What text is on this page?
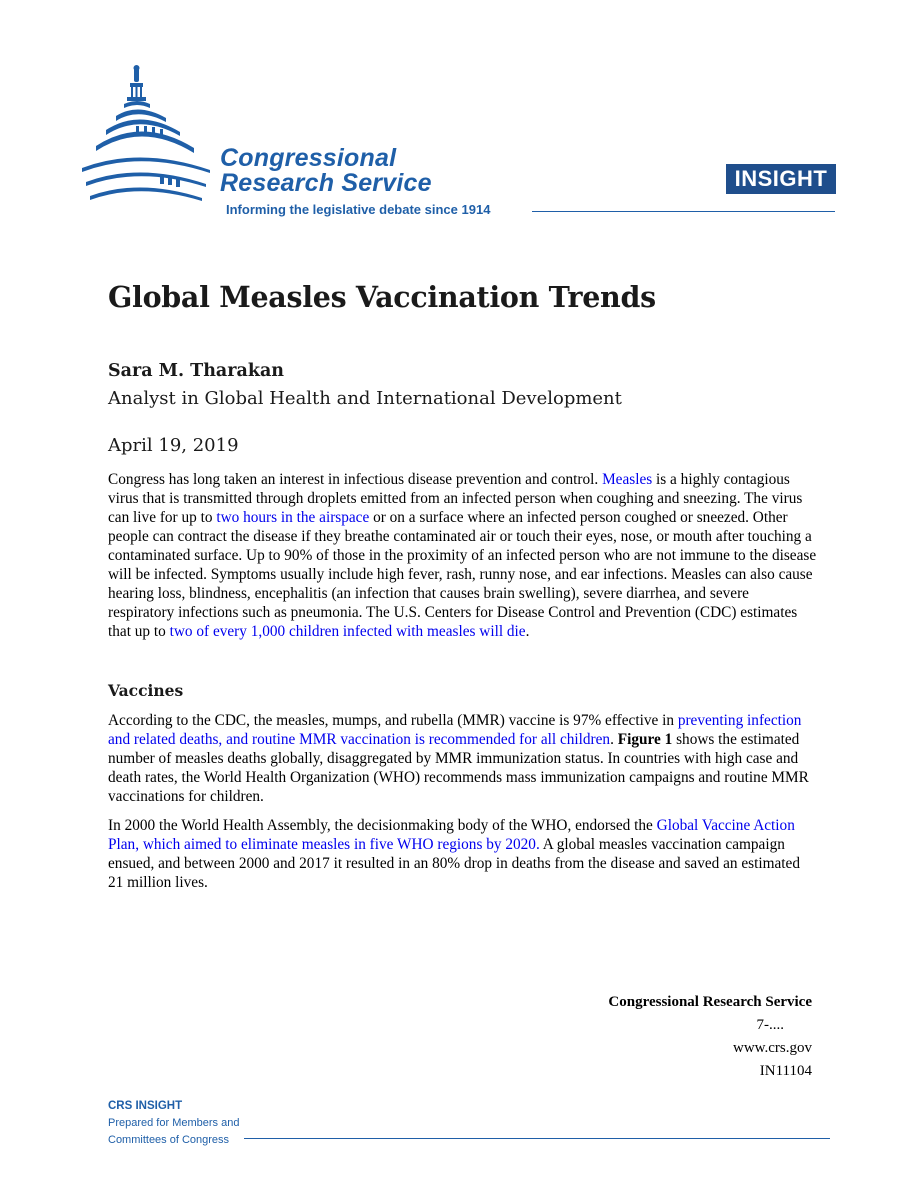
Congressional
Research Service
Informing the legislative debate since 1914
INSIGHT
Global Measles Vaccination Trends
Sara M. Tharakan
Analyst in Global Health and International Development
April 19, 2019
Congress has long taken an interest in infectious disease prevention and control. Measles is a highly contagious virus that is transmitted through droplets emitted from an infected person when coughing and sneezing. The virus can live for up to two hours in the airspace or on a surface where an infected person coughed or sneezed. Other people can contract the disease if they breathe contaminated air or touch their eyes, nose, or mouth after touching a contaminated surface. Up to 90% of those in the proximity of an infected person who are not immune to the disease will be infected. Symptoms usually include high fever, rash, runny nose, and ear infections. Measles can also cause hearing loss, blindness, encephalitis (an infection that causes brain swelling), severe diarrhea, and severe respiratory infections such as pneumonia. The U.S. Centers for Disease Control and Prevention (CDC) estimates that up to two of every 1,000 children infected with measles will die.
Vaccines
According to the CDC, the measles, mumps, and rubella (MMR) vaccine is 97% effective in preventing infection and related deaths, and routine MMR vaccination is recommended for all children. Figure 1 shows the estimated number of measles deaths globally, disaggregated by MMR immunization status. In countries with high case and death rates, the World Health Organization (WHO) recommends mass immunization campaigns and routine MMR vaccinations for children.
In 2000 the World Health Assembly, the decisionmaking body of the WHO, endorsed the Global Vaccine Action Plan, which aimed to eliminate measles in five WHO regions by 2020. A global measles vaccination campaign ensued, and between 2000 and 2017 it resulted in an 80% drop in deaths from the disease and saved an estimated 21 million lives.
Congressional Research Service
7-....
www.crs.gov
IN11104
CRS INSIGHT
Prepared for Members and
Committees of Congress
